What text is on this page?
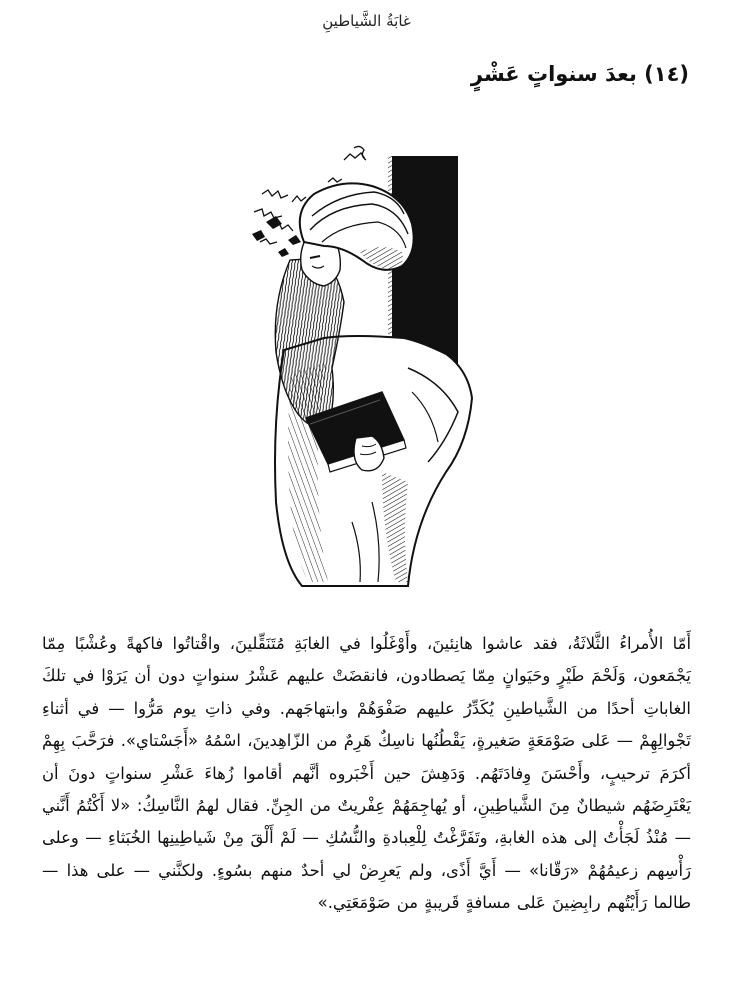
غابَةُ الشَّياطينِ
(١٤) بعدَ سنواتٍ عَشْرٍ

أَمّا الأُمراءُ الثَّلاثَةُ، فقد عاشوا هانِئينَ، وأَوْغَلُوا في الغابَةِ مُتَنَقِّلينَ، واقْتاتُوا فاكهةً وعُشْبًا مِمّا يَجْمَعون، وَلَحْمَ طَيْرٍ وحَيَوانٍ مِمّا يَصطادون، فانقضَتْ عليهم عَشْرُ سنواتٍ دون أن يَرَوْا في تلكَ الغاباتِ أحدًا من الشَّياطينِ يُكَدِّرُ عليهم صَفْوَهُمْ وابتهاجَهم. وفي ذاتِ يوم مَرُّوا — في أثناءِ تَجْوالِهِمْ — عَلى صَوْمَعَةٍ صَغيرةٍ، يَقْطُنُها ناسِكٌ هَرِمٌ من الزّاهِدينَ، اسْمُهُ «أَجَسْتاي». فرَحَّبَ بِهِمْ أكرَمَ ترحيبٍ، وأَحْسَنَ وِفادَتَهُم. وَدَهِشَ حين أَخْبَروه أنَّهم أقاموا زُهاءَ عَشْرِ سنواتٍ دونَ أن يَعْتَرِضَهُم شيطانٌ مِنَ الشَّياطِينِ، أو يُهاجِمَهُمْ عِفْريتٌ من الجِنِّ. فقال لهمُ النَّاسِكُ: «لا أَكْتُمُ أَنَّني — مُنْذُ لَجَأْتُ إلى هذه الغابةِ، وتَفَرَّغْتُ لِلْعِبادةِ والنُّسُكِ — لَمْ أَلْقَ مِنْ شَياطِينِها الخُبَثاءِ — وعلى رَأْسِهم زعيمُهُمْ «رَقّانا» — أَيَّ أَذًى، ولم يَعرِضْ لي أحدٌ منهم بسُوءٍ. ولكنَّني — على هذا — طالما رَأَيْتُهم رابِضِينَ عَلى مسافةٍ قَريبةٍ من صَوْمَعَتِي.»
